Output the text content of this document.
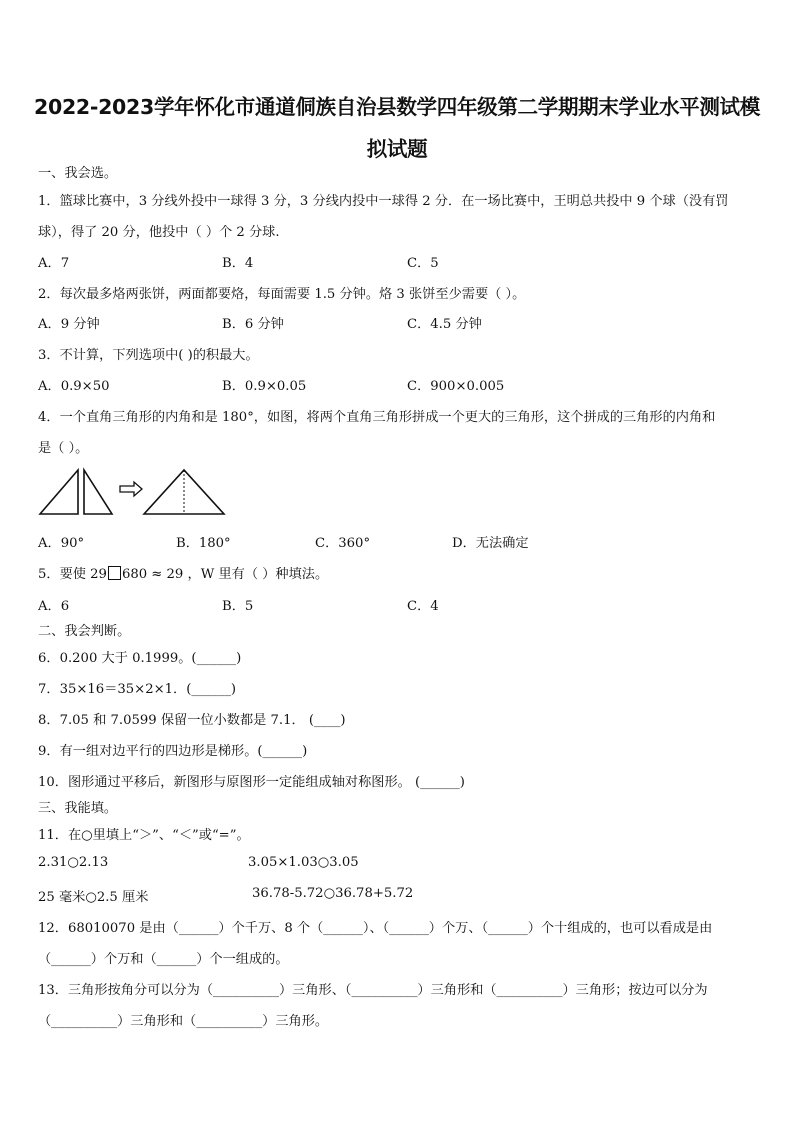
2022-2023学年怀化市通道侗族自治县数学四年级第二学期期末学业水平测试模拟试题
一、我会选。
1．篮球比赛中，3 分线外投中一球得 3 分，3 分线内投中一球得 2 分．在一场比赛中，王明总共投中 9 个球（没有罚
球），得了 20 分，他投中（ ）个 2 分球.
A．7	B．4	C．5
2．每次最多烙两张饼，两面都要烙，每面需要 1.5 分钟。烙 3 张饼至少需要（ ）。
A．9 分钟	B．6 分钟	C．4.5 分钟
3．不计算，下列选项中( )的积最大。
A．0.9×50	B．0.9×0.05	C．900×0.005
4．一个直角三角形的内角和是 180°，如图，将两个直角三角形拼成一个更大的三角形，这个拼成的三角形的内角和
是（ ）。
A．90°	B．180°	C．360°	D．无法确定
5．要使 29 680 ≈ 29 ，W 里有（ ）种填法。
A．6	B．5	C．4
二、我会判断。
6．0.200 大于 0.1999。(______)
7．35×16＝35×2×1．(______)
8．7.05 和 7.0599 保留一位小数都是 7.1． (____)
9．有一组对边平行的四边形是梯形。(______)
10．图形通过平移后，新图形与原图形一定能组成轴对称图形。 (______)
三、我能填。
11．在○里填上“＞”、“＜”或“=”。
2.31○2.13	3.05×1.03○3.05
25 毫米○2.5 厘米	36.78-5.72○36.78+5.72
12．68010070 是由（______）个千万、8 个（______）、（______）个万、（______）个十组成的，也可以看成是由
（______）个万和（______）个一组成的。
13．三角形按角分可以分为（__________）三角形、（__________）三角形和（__________）三角形；按边可以分为
（__________）三角形和（__________）三角形。
